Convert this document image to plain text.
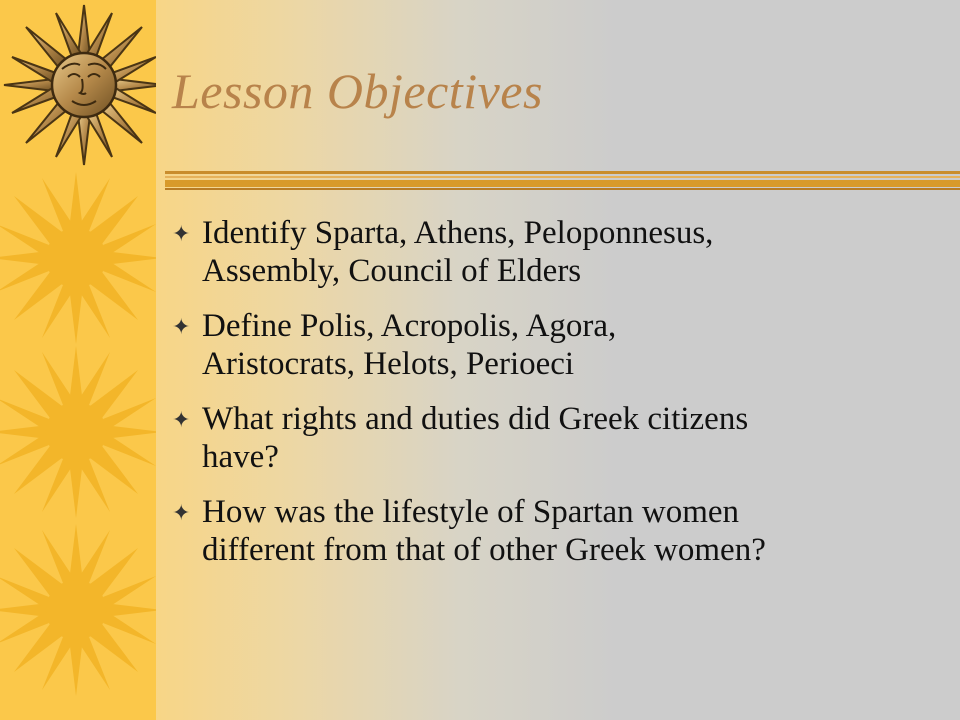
Lesson Objectives
✦ Identify Sparta, Athens, Peloponnesus,
Assembly, Council of Elders
✦ Define Polis, Acropolis, Agora,
Aristocrats, Helots, Perioeci
✦ What rights and duties did Greek citizens
have?
✦ How was the lifestyle of Spartan women
different from that of other Greek women?
